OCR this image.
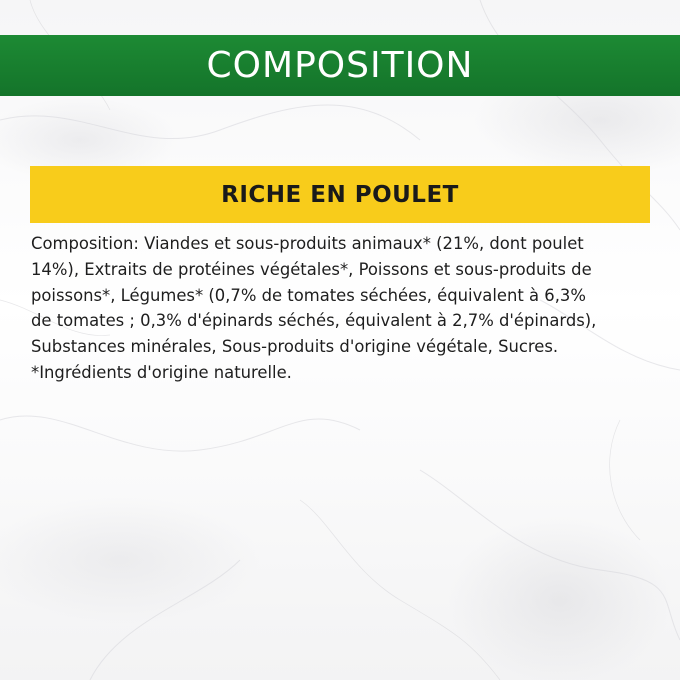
COMPOSITION
RICHE EN POULET
Composition: Viandes et sous-produits animaux* (21%, dont poulet
14%), Extraits de protéines végétales*, Poissons et sous-produits de
poissons*, Légumes* (0,7% de tomates séchées, équivalent à 6,3%
de tomates ; 0,3% d'épinards séchés, équivalent à 2,7% d'épinards),
Substances minérales, Sous-produits d'origine végétale, Sucres.
*Ingrédients d'origine naturelle.
